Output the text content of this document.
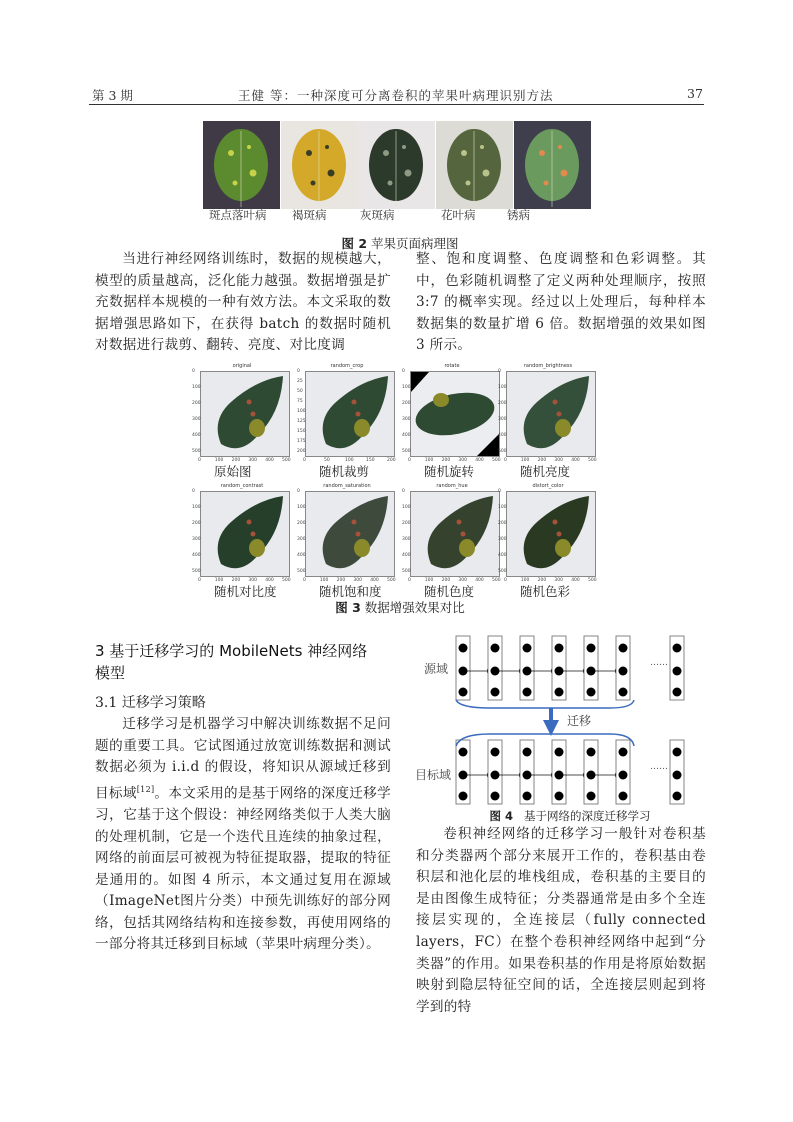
第 3 期	王健 等：一种深度可分离卷积的苹果叶病理识别方法	37
斑点落叶病 褐斑病	灰斑病	花叶病	锈病
图 2 苹果页面病理图

当进行神经网络训练时，数据的规模越大，模型的质量越高，泛化能力越强。数据增强是扩充数据样本规模的一种有效方法。本文采取的数据增强思路如下，在获得 batch 的数据时随机对数据进行裁剪、翻转、亮度、对比度调

整、饱和度调整、色度调整和色彩调整。其中，色彩随机调整了定义两种处理顺序，按照 3:7 的概率实现。经过以上处理后，每种样本数据集的数量扩增 6 倍。数据增强的效果如图 3 所示。

original
0
100
200
300
400
500
0	100 200 300 400 500
原始图
random_crop
0
25
50
75
100
125
150
175
200
0	50	100	150	200
随机裁剪
rotate
0
100
200
300
400
500
0	100 200 300 400 500
随机旋转
random_brightness
0
100
200
300
400
500
0	100 200 300 400 500
随机亮度
random_contrast
0
100
200
300
400
500
0	100 200 300 400 500
随机对比度
random_saturation
0
100
200
300
400
500
0	100 200 300 400 500
随机饱和度
random_hue
0
100
200
300
400
500
0	100 200 300 400 500
随机色度
distort_color
0
100
200
300
400
500
0	100 200 300 400 500
随机色彩
图 3 数据增强效果对比
3 基于迁移学习的 MobileNets 神经网络
模型
3.1 迁移学习策略

迁移学习是机器学习中解决训练数据不足问题的重要工具。它试图通过放宽训练数据和测试数据必须为 i.i.d 的假设，将知识从源域迁移到目标域[12]。本文采用的是基于网络的深度迁移学习，它基于这个假设：神经网络类似于人类大脑的处理机制，它是一个迭代且连续的抽象过程，网络的前面层可被视为特征提取器，提取的特征是通用的。如图 4 所示，本文通过复用在源域（ImageNet图片分类）中预先训练好的部分网络，包括其网络结构和连接参数，再使用网络的一部分将其迁移到目标域（苹果叶病理分类）。

源域
目标域
迁移
……
……
图 4 基于网络的深度迁移学习

卷积神经网络的迁移学习一般针对卷积基和分类器两个部分来展开工作的，卷积基由卷积层和池化层的堆栈组成，卷积基的主要目的是由图像生成特征；分类器通常是由多个全连接层实现的，全连接层（fully connected layers，FC）在整个卷积神经网络中起到“分类器”的作用。如果卷积基的作用是将原始数据映射到隐层特征空间的话，全连接层则起到将学到的特
